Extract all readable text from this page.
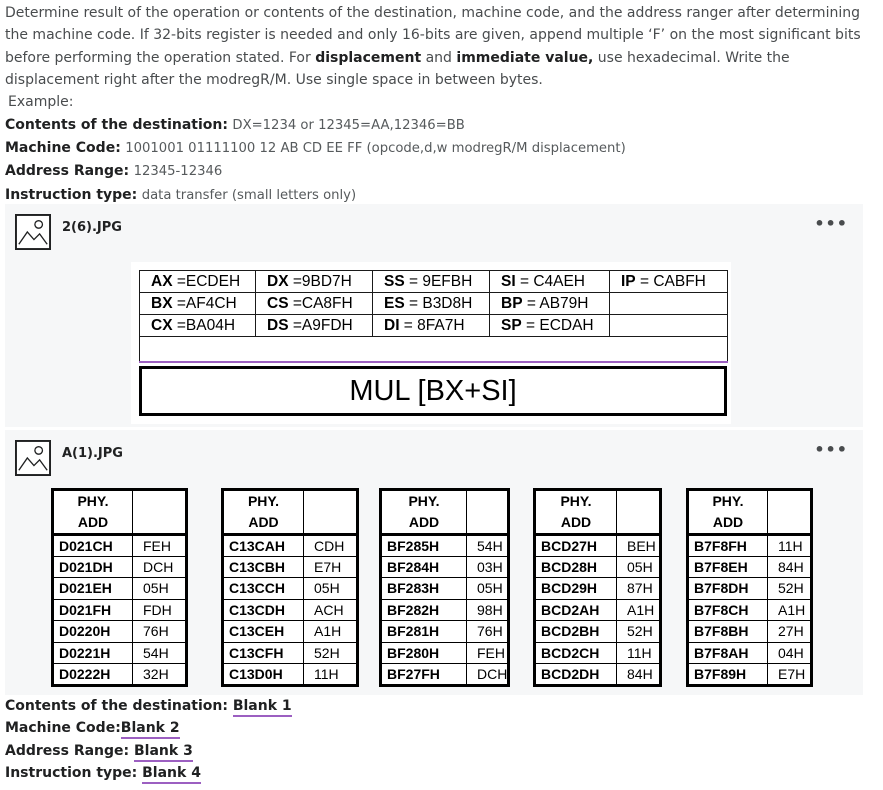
Determine result of the operation or contents of the destination, machine code, and the address ranger after determining the machine code. If 32-bits register is needed and only 16-bits are given, append multiple ‘F’ on the most significant bits before performing the operation stated. For displacement and immediate value, use hexadecimal. Write the displacement right after the modregR/M. Use single space in between bytes.

Example:

Contents of the destination: DX=1234 or 12345=AA,12346=BB

Machine Code: 1001001 01111100 12 AB CD EE FF (opcode,d,w modregR/M displacement)

Address Range: 12345-12346

Instruction type: data transfer (small letters only)

2(6).JPG	•••
AX =ECDEH	DX =9BD7H	SS = 9EFBH	SI = C4AEH	IP = CABFH
BX =AF4CH	CS =CA8FH	ES = B3D8H	BP = AB79H	
CX =BA04H	DS =A9FDH	DI = 8FA7H	SP = ECDAH	

MUL [BX+SI]
A(1).JPG	•••
PHY.
ADD	

D021CH	FEH
D021DH	DCH
D021EH	05H
D021FH	FDH
D0220H	76H
D0221H	54H
D0222H	32H
PHY.
ADD	

C13CAH	CDH
C13CBH	E7H
C13CCH	05H
C13CDH	ACH
C13CEH	A1H
C13CFH	52H
C13D0H	11H
PHY.
ADD	

BF285H	54H
BF284H	03H
BF283H	05H
BF282H	98H
BF281H	76H
BF280H	FEH
BF27FH	DCH
PHY.
ADD	

BCD27H	BEH
BCD28H	05H
BCD29H	87H
BCD2AH	A1H
BCD2BH	52H
BCD2CH	11H
BCD2DH	84H
PHY.
ADD	

B7F8FH	11H
B7F8EH	84H
B7F8DH	52H
B7F8CH	A1H
B7F8BH	27H
B7F8AH	04H
B7F89H	E7H

Contents of the destination: Blank 1

Machine Code:Blank 2

Address Range: Blank 3

Instruction type: Blank 4
